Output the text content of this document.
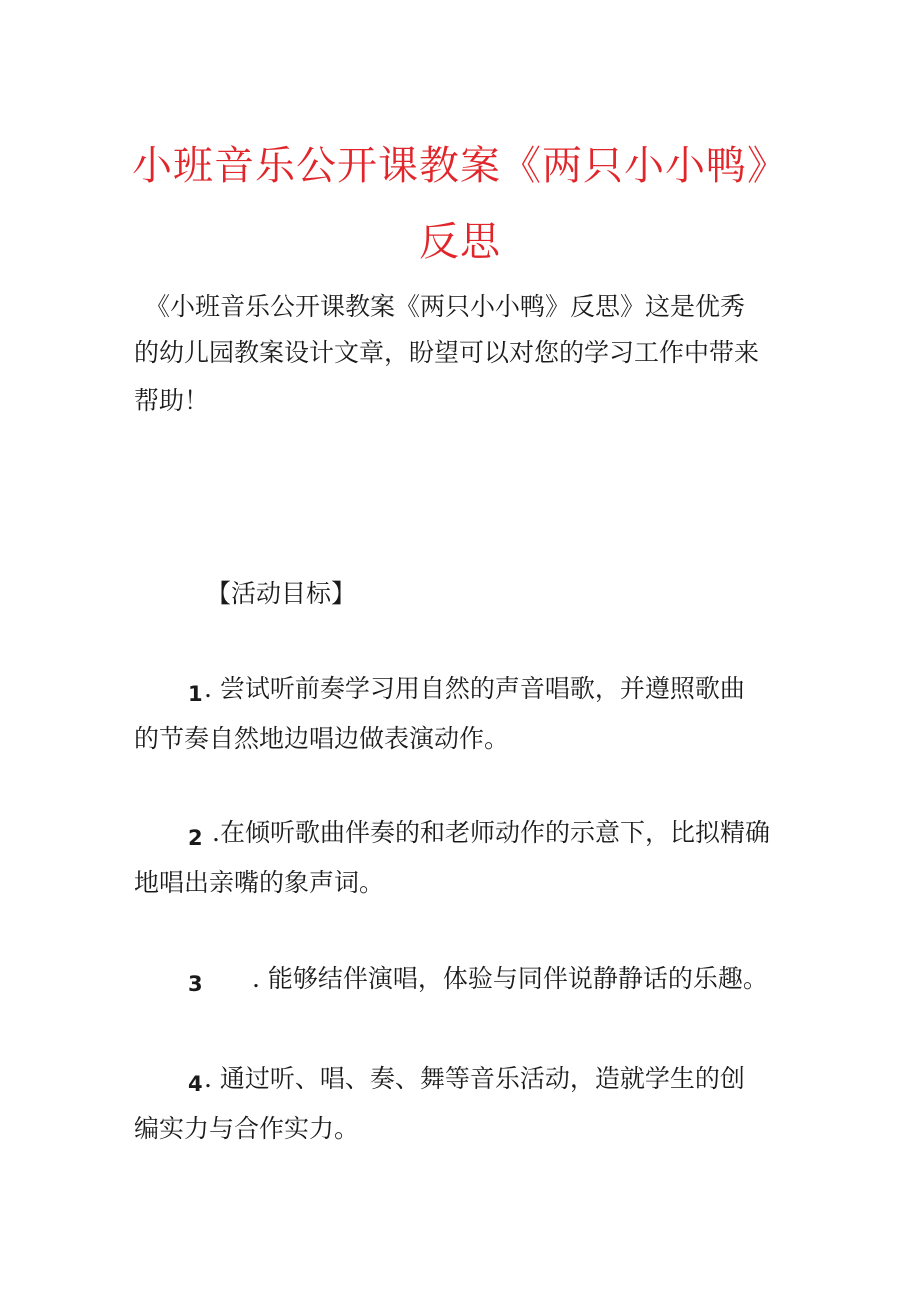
小班音乐公开课教案《两只小小鸭》
反思
《小班音乐公开课教案《两只小小鸭》反思》这是优秀
的幼儿园教案设计文章，盼望可以对您的学习工作中带来
帮助！
【活动目标】
1 . 尝试听前奏学习用自然的声音唱歌，并遵照歌曲
的节奏自然地边唱边做表演动作。
2 .在倾听歌曲伴奏的和老师动作的示意下，比拟精确
地唱出亲嘴的象声词。
3 . 能够结伴演唱，体验与同伴说静静话的乐趣。
4 . 通过听、唱、奏、舞等音乐活动，造就学生的创
编实力与合作实力。
